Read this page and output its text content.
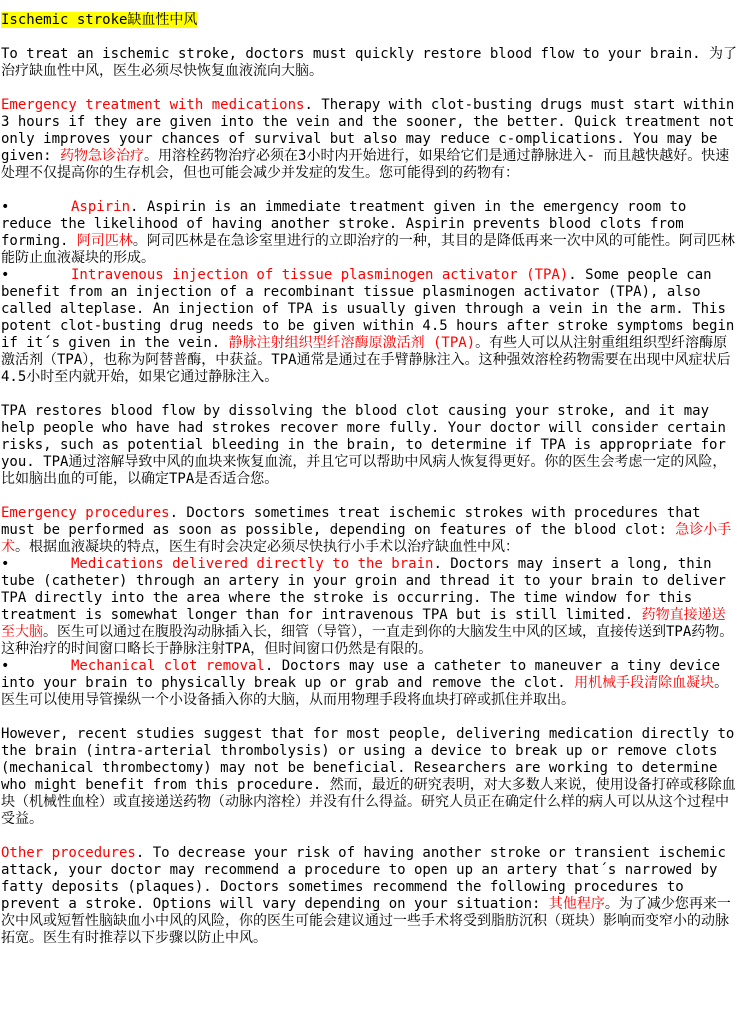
Ischemic stroke缺血性中风

To treat an ischemic stroke, doctors must quickly restore blood flow to your brain. 为了治疗缺血性中风，医生必须尽快恢复血液流向大脑。

Emergency treatment with medications. Therapy with clot-busting drugs must start within 3 hours if they are given into the vein and the sooner, the better. Quick treatment not only improves your chances of survival but also may reduce c-omplications. You may be given: 药物急诊治疗。用溶栓药物治疗必须在3小时内开始进行，如果给它们是通过静脉进入- 而且越快越好。快速处理不仅提高你的生存机会，但也可能会减少并发症的发生。您可能得到的药物有：

•	Aspirin. Aspirin is an immediate treatment given in the emergency room to reduce the likelihood of having another stroke. Aspirin prevents blood clots from forming. 阿司匹林。阿司匹林是在急诊室里进行的立即治疗的一种，其目的是降低再来一次中风的可能性。阿司匹林能防止血液凝块的形成。

•	Intravenous injection of tissue plasminogen activator (TPA). Some people can benefit from an injection of a recombinant tissue plasminogen activator (TPA), also called alteplase. An injection of TPA is usually given through a vein in the arm. This potent clot-busting drug needs to be given within 4.5 hours after stroke symptoms begin if it´s given in the vein. 静脉注射组织型纤溶酶原激活剂 (TPA)。有些人可以从注射重组组织型纤溶酶原激活剂（TPA），也称为阿替普酶，中获益。TPA通常是通过在手臂静脉注入。这种强效溶栓药物需要在出现中风症状后4.5小时至内就开始，如果它通过静脉注入。

TPA restores blood flow by dissolving the blood clot causing your stroke, and it may help people who have had strokes recover more fully. Your doctor will consider certain risks, such as potential bleeding in the brain, to determine if TPA is appropriate for you. TPA通过溶解导致中风的血块来恢复血流，并且它可以帮助中风病人恢复得更好。你的医生会考虑一定的风险，比如脑出血的可能，以确定TPA是否适合您。

Emergency procedures. Doctors sometimes treat ischemic strokes with procedures that must be performed as soon as possible, depending on features of the blood clot: 急诊小手术。根据血液凝块的特点，医生有时会决定必须尽快执行小手术以治疗缺血性中风：

•	Medications delivered directly to the brain. Doctors may insert a long, thin tube (catheter) through an artery in your groin and thread it to your brain to deliver TPA directly into the area where the stroke is occurring. The time window for this treatment is somewhat longer than for intravenous TPA but is still limited. 药物直接递送至大脑。医生可以通过在腹股沟动脉插入长，细管（导管），一直走到你的大脑发生中风的区域，直接传送到TPA药物。这种治疗的时间窗口略长于静脉注射TPA，但时间窗口仍然是有限的。

•	Mechanical clot removal. Doctors may use a catheter to maneuver a tiny device into your brain to physically break up or grab and remove the clot. 用机械手段清除血凝块。医生可以使用导管操纵一个小设备插入你的大脑，从而用物理手段将血块打碎或抓住并取出。

However, recent studies suggest that for most people, delivering medication directly to the brain (intra-arterial thrombolysis) or using a device to break up or remove clots (mechanical thrombectomy) may not be beneficial. Researchers are working to determine who might benefit from this procedure. 然而，最近的研究表明，对大多数人来说，使用设备打碎或移除血块（机械性血栓）或直接递送药物（动脉内溶栓）并没有什么得益。研究人员正在确定什么样的病人可以从这个过程中受益。

Other procedures. To decrease your risk of having another stroke or transient ischemic attack, your doctor may recommend a procedure to open up an artery that´s narrowed by fatty deposits (plaques). Doctors sometimes recommend the following procedures to prevent a stroke. Options will vary depending on your situation: 其他程序。为了减少您再来一次中风或短暂性脑缺血小中风的风险，你的医生可能会建议通过一些手术将受到脂肪沉积（斑块）影响而变窄小的动脉拓宽。医生有时推荐以下步骤以防止中风。
